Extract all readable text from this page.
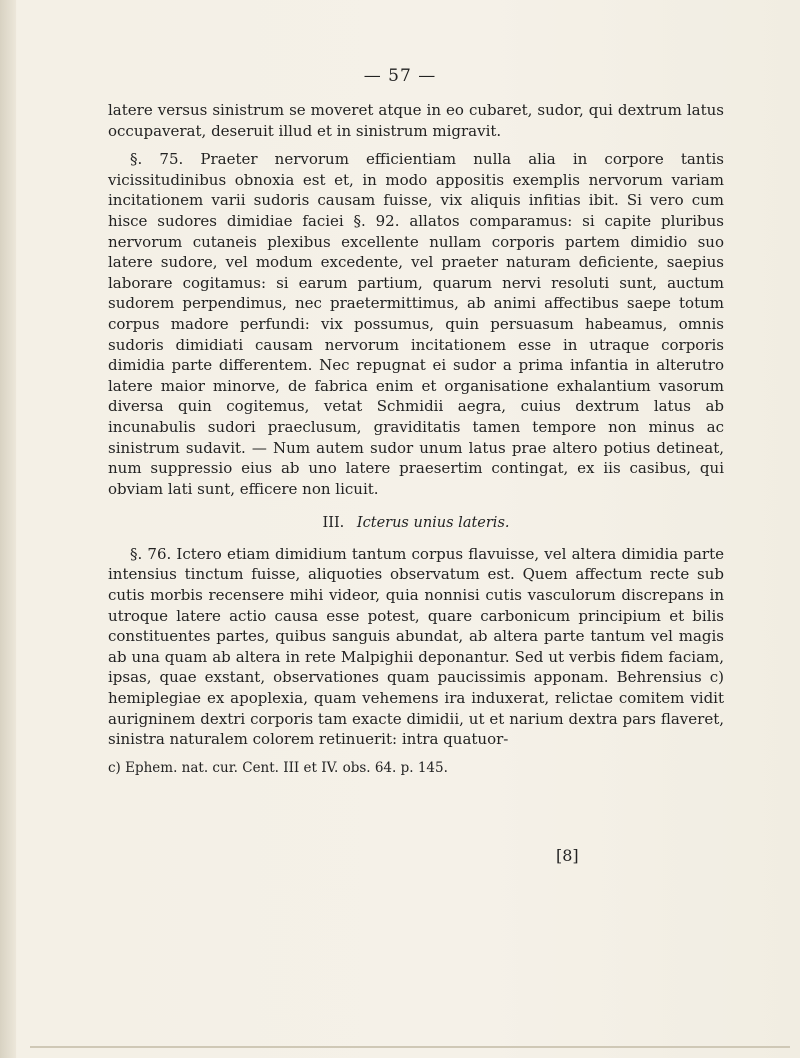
— 57 —

latere versus sinistrum se moveret atque in eo cubaret, sudor, qui dextrum latus occupaverat, deseruit illud et in sinistrum migravit.

§. 75. Praeter nervorum efficientiam nulla alia in corpore tantis vicissitudinibus obnoxia est et, in modo appositis exemplis nervorum variam incitationem varii sudoris causam fuisse, vix aliquis infitias ibit. Si vero cum hisce sudores dimidiae faciei §. 92. allatos comparamus: si capite pluribus nervorum cutaneis plexibus excellente nullam corporis partem dimidio suo latere sudore, vel modum excedente, vel praeter naturam deficiente, saepius laborare cogitamus: si earum partium, quarum nervi resoluti sunt, auctum sudorem perpendimus, nec praetermittimus, ab animi affectibus saepe totum corpus madore perfundi: vix possumus, quin persuasum habeamus, omnis sudoris dimidiati causam nervorum incitationem esse in utraque corporis dimidia parte differentem. Nec repugnat ei sudor a prima infantia in alterutro latere maior minorve, de fabrica enim et organisatione exhalantium vasorum diversa quin cogitemus, vetat Schmidii aegra, cuius dextrum latus ab incunabulis sudori praeclusum, graviditatis tamen tempore non minus ac sinistrum sudavit. — Num autem sudor unum latus prae altero potius detineat, num suppressio eius ab uno latere praesertim contingat, ex iis casibus, qui obviam lati sunt, efficere non licuit.

III. Icterus unius lateris.

§. 76. Ictero etiam dimidium tantum corpus flavuisse, vel altera dimidia parte intensius tinctum fuisse, aliquoties observatum est. Quem affectum recte sub cutis morbis recensere mihi videor, quia nonnisi cutis vasculorum discrepans in utroque latere actio causa esse potest, quare carbonicum principium et bilis constituentes partes, quibus sanguis abundat, ab altera parte tantum vel magis ab una quam ab altera in rete Malpighii deponantur. Sed ut verbis fidem faciam, ipsas, quae exstant, observationes quam paucissimis apponam. Behrensius c) hemiplegiae ex apoplexia, quam vehemens ira induxerat, relictae comitem vidit aurigninem dextri corporis tam exacte dimidii, ut et narium dextra pars flaveret, sinistra naturalem colorem retinuerit: intra quatuor-

c) Ephem. nat. cur. Cent. III et IV. obs. 64. p. 145.

[8]
